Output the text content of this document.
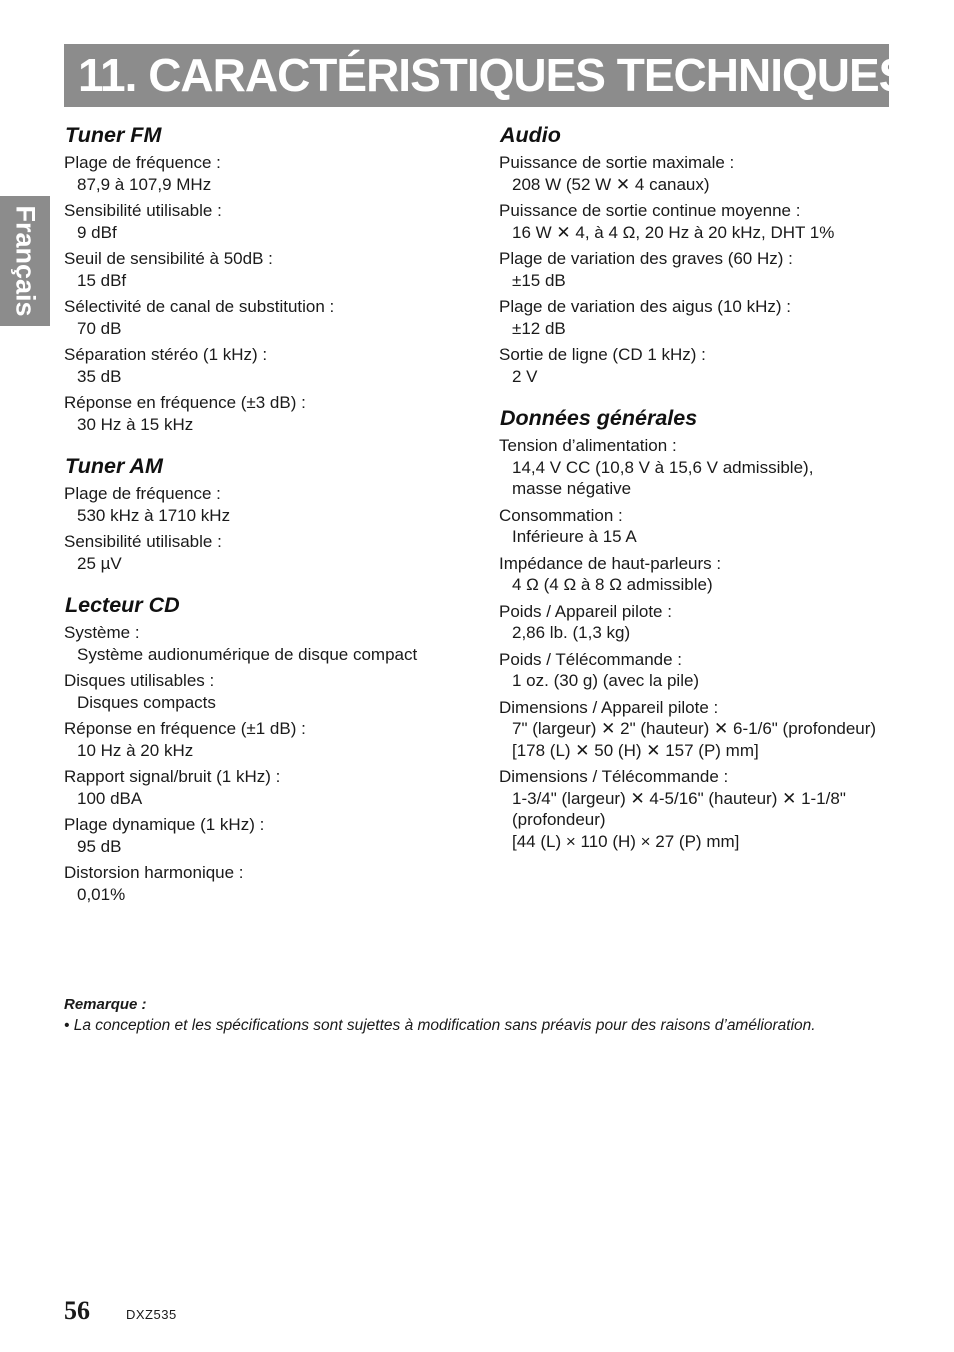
11. CARACTÉRISTIQUES TECHNIQUES
Français
Tuner FM
Plage de fréquence :
87,9 à 107,9 MHz
Sensibilité utilisable :
9 dBf
Seuil de sensibilité à 50dB :
15 dBf
Sélectivité de canal de substitution :
70 dB
Séparation stéréo (1 kHz) :
35 dB
Réponse en fréquence (±3 dB) :
30 Hz à 15 kHz
Tuner AM
Plage de fréquence :
530 kHz à 1710 kHz
Sensibilité utilisable :
25 µV
Lecteur CD
Système :
Système audionumérique de disque compact
Disques utilisables :
Disques compacts
Réponse en fréquence (±1 dB) :
10 Hz à 20 kHz
Rapport signal/bruit (1 kHz) :
100 dBA
Plage dynamique (1 kHz) :
95 dB
Distorsion harmonique :
0,01%
Audio
Puissance de sortie maximale :
208 W (52 W ✕ 4 canaux)
Puissance de sortie continue moyenne :
16 W ✕ 4, à 4 Ω, 20 Hz à 20 kHz, DHT 1%
Plage de variation des graves (60 Hz) :
±15 dB
Plage de variation des aigus (10 kHz) :
±12 dB
Sortie de ligne (CD 1 kHz) :
2 V
Données générales
Tension d’alimentation :
14,4 V CC (10,8 V à 15,6 V admissible),
masse négative
Consommation :
Inférieure à 15 A
Impédance de haut-parleurs :
4 Ω (4 Ω à 8 Ω admissible)
Poids / Appareil pilote :
2,86 lb. (1,3 kg)
Poids / Télécommande :
1 oz. (30 g) (avec la pile)
Dimensions / Appareil pilote :
7" (largeur) ✕ 2" (hauteur) ✕ 6-1/6" (profondeur)
[178 (L) ✕ 50 (H) ✕ 157 (P) mm]
Dimensions / Télécommande :
1-3/4" (largeur) ✕ 4-5/16" (hauteur) ✕ 1-1/8"
(profondeur)
[44 (L) × 110 (H) × 27 (P) mm]
Remarque :
• La conception et les spécifications sont sujettes à modification sans préavis pour des raisons d’amélioration.
56	DXZ535
